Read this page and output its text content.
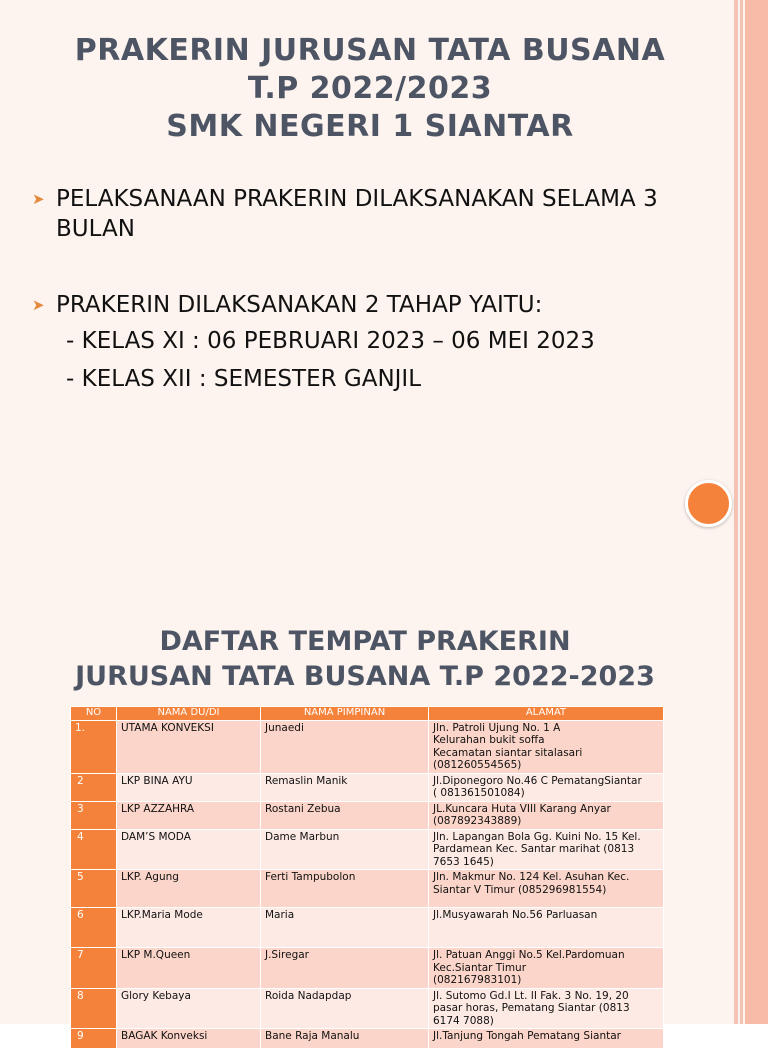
PRAKERIN JURUSAN TATA BUSANA
T.P 2022/2023
SMK NEGERI 1 SIANTAR
➤ PELAKSANAAN PRAKERIN DILAKSANAKAN SELAMA 3 BULAN
➤ PRAKERIN DILAKSANAKAN 2 TAHAP YAITU:
- KELAS XI : 06 PEBRUARI 2023 – 06 MEI 2023
- KELAS XII : SEMESTER GANJIL
DAFTAR TEMPAT PRAKERIN
JURUSAN TATA BUSANA T.P 2022-2023
NO	NAMA DU/DI	NAMA PIMPINAN	ALAMAT
1.	UTAMA KONVEKSI	Junaedi	Jln. Patroli Ujung No. 1 A
Kelurahan bukit soffa
Kecamatan siantar sitalasari
(081260554565)

2	LKP BINA AYU	Remaslin Manik	Jl.Diponegoro No.46 C PematangSiantar
( 081361501084)

3	LKP AZZAHRA	Rostani Zebua	JL.Kuncara Huta VIII Karang Anyar
(087892343889)

4	DAM’S MODA	Dame Marbun	Jln. Lapangan Bola Gg. Kuini No. 15 Kel.
Pardamean Kec. Santar marihat (0813
7653 1645)

5	LKP. Agung	Ferti Tampubolon	Jln. Makmur No. 124 Kel. Asuhan Kec.
Siantar V Timur (085296981554)

6	LKP.Maria Mode	Maria	Jl.Musyawarah No.56 Parluasan

7	LKP M.Queen	J.Siregar	Jl. Patuan Anggi No.5 Kel.Pardomuan
Kec.Siantar Timur
(082167983101)

8	Glory Kebaya	Roida Nadapdap	Jl. Sutomo Gd.I Lt. II Fak. 3 No. 19, 20
pasar horas, Pematang Siantar (0813
6174 7088)

9	BAGAK Konveksi	Bane Raja Manalu	Jl.Tanjung Tongah Pematang Siantar
